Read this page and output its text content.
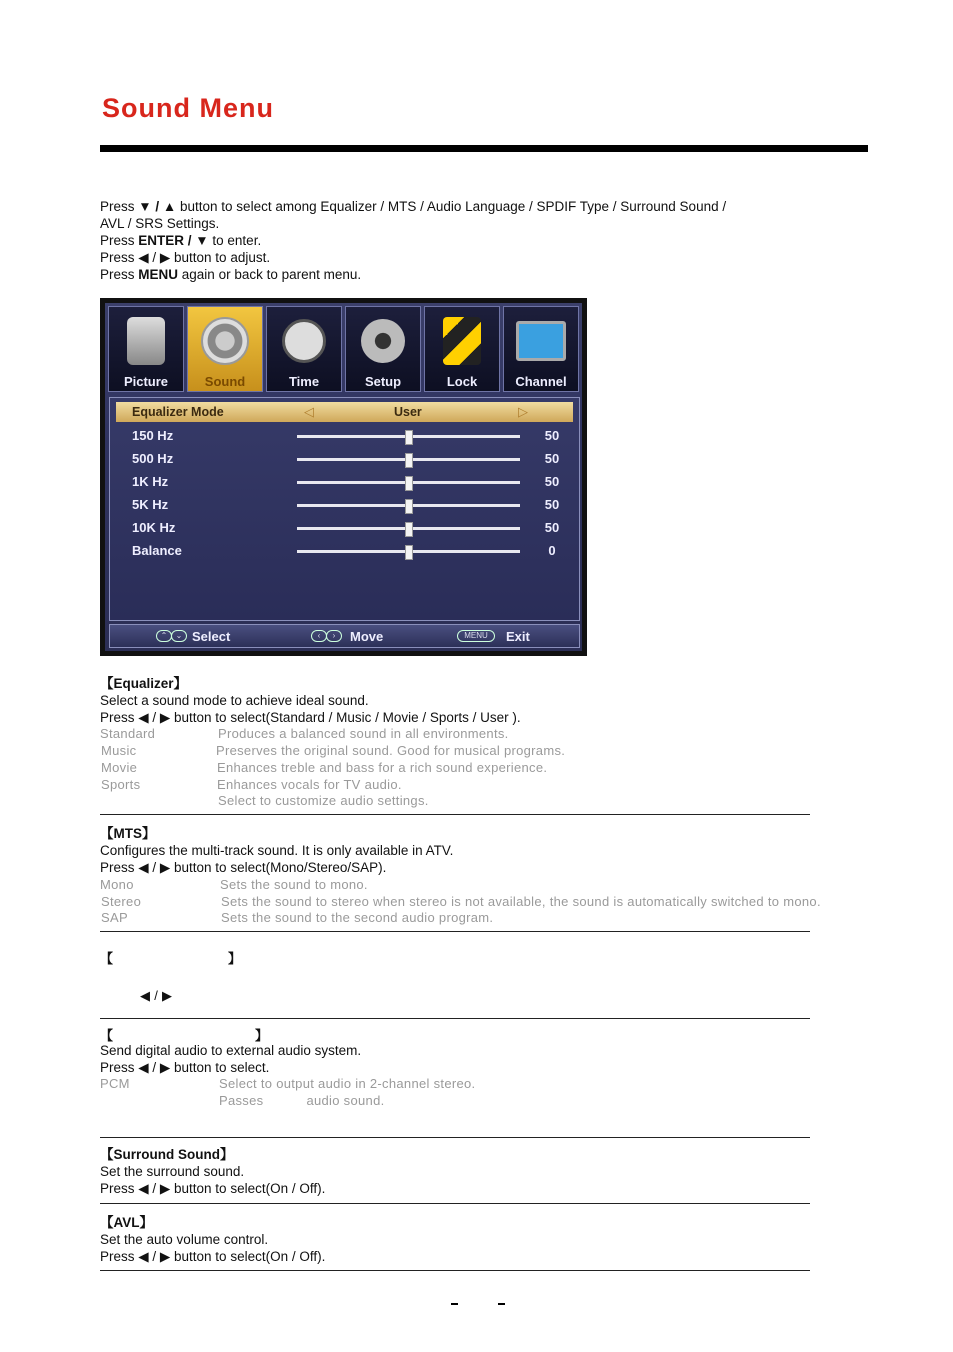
Sound Menu
Press ▼ / ▲ button to select among Equalizer / MTS / Audio Language / SPDIF Type / Surround Sound /
AVL / SRS Settings.
Press ENTER / ▼ to enter.
Press ◀ / ▶ button to adjust.
Press MENU again or back to parent menu.
Picture	Sound	Time	Setup	Lock	Channel
Equalizer Mode	◁	User	▷
150 Hz	50
500 Hz	50
1K Hz	50
5K Hz	50
10K Hz	50
Balance	0
⌃	⌄ Select	‹	›	Move	MENU	Exit
【Equalizer】
Select a sound mode to achieve ideal sound.
Press ◀ / ▶ button to select(Standard / Music / Movie / Sports / User ).
Standard	Produces a balanced sound in all environments.
Music	Preserves the original sound. Good for musical programs.
Movie	Enhances treble and bass for a rich sound experience.
Sports	Enhances vocals for TV audio.
Select to customize audio settings.
【MTS】
Configures the multi-track sound. It is only available in ATV.
Press ◀ / ▶ button to select(Mono/Stereo/SAP).
Mono	Sets the sound to mono.
Stereo	Sets the sound to stereo when stereo is not available, the sound is automatically switched to mono.
SAP	Sets the sound to the second audio program.
【	】
◀ / ▶
【	】
Send digital audio to external audio system.
Press ◀ / ▶ button to select.
PCM	Select to output audio in 2-channel stereo.
Passes           audio sound.
【Surround Sound】
Set the surround sound.
Press ◀ / ▶ button to select(On / Off).
【AVL】
Set the auto volume control.
Press ◀ / ▶ button to select(On / Off).
